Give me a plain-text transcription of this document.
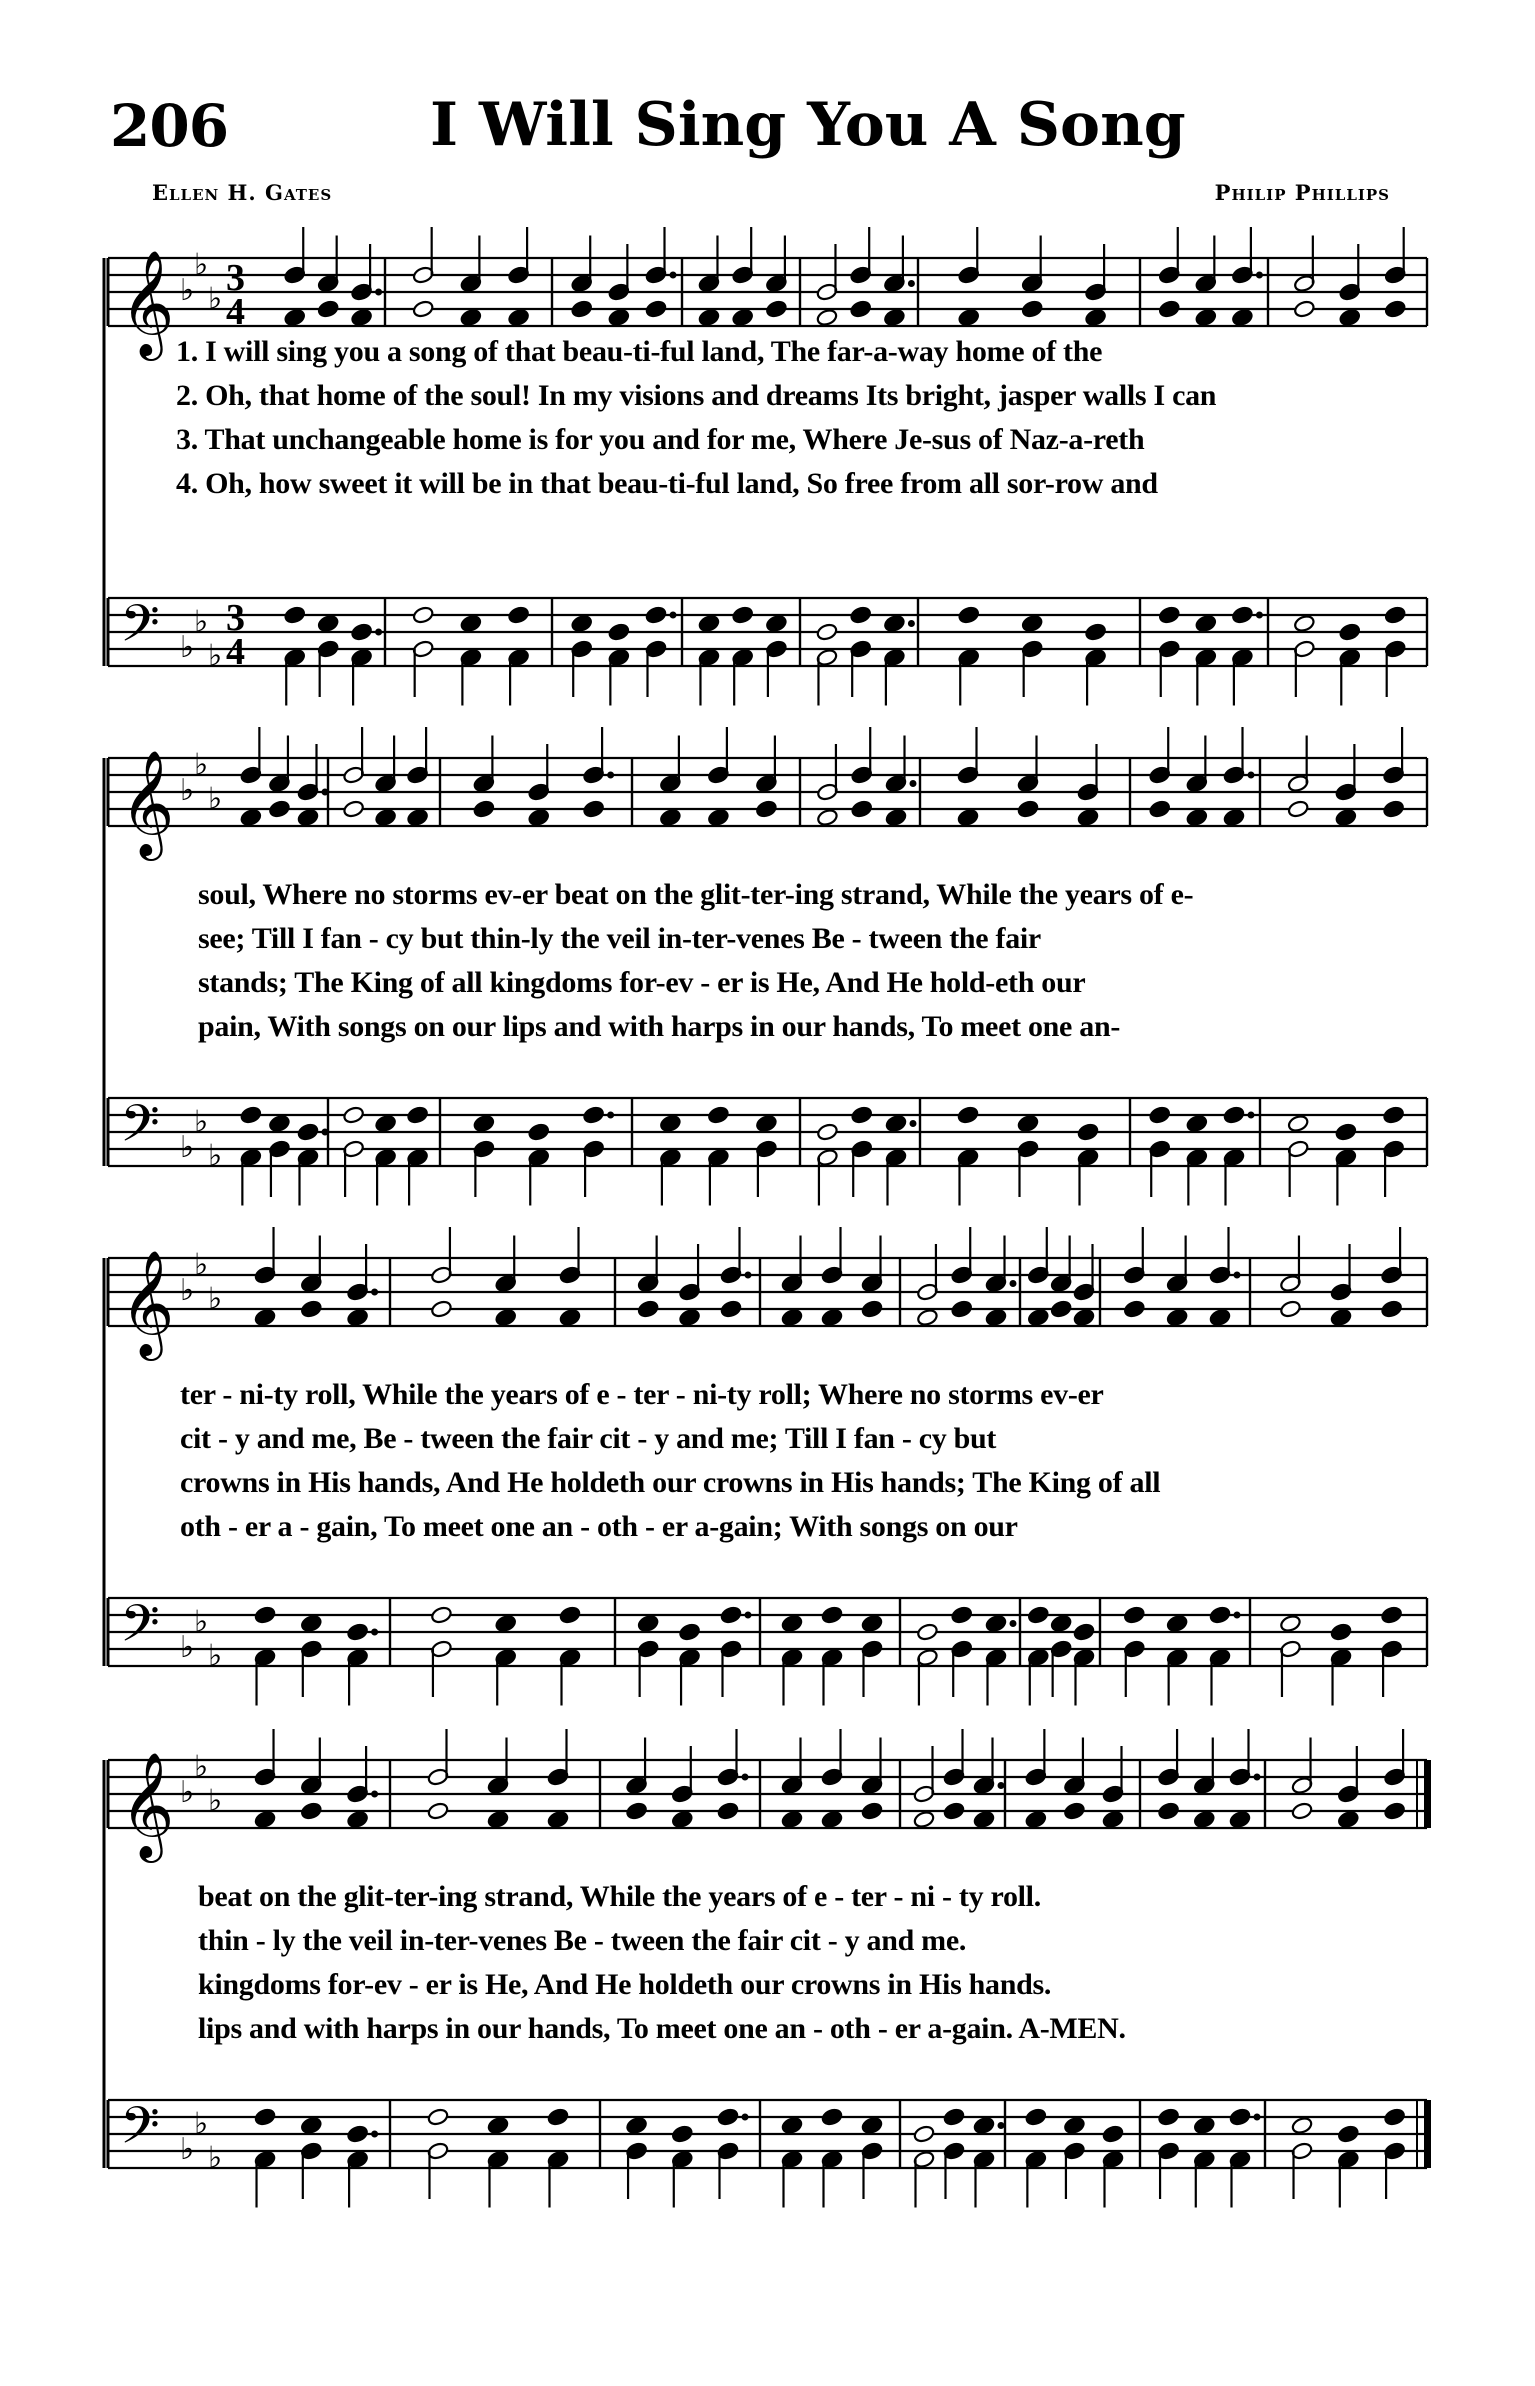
206	I Will Sing You A Song
Ellen H. Gates	Philip Phillips
𝄞 ♭
♭
♭ 3
4
𝄢 ♭
♭
♭
3
4
1. I will sing you a song of that beau-ti-ful land, The far-a-way home of the
2. Oh, that home of the soul! In my visions and dreams Its bright, jasper walls I can
3. That unchangeable home is for you and for me, Where Je-sus of Naz-a-reth
4. Oh, how sweet it will be in that beau-ti-ful land, So free from all sor-row and
𝄞 ♭
♭
♭
𝄢 ♭
♭
♭
soul, Where no storms ev-er beat on the glit-ter-ing strand, While the years of e-
see; Till I fan - cy but thin-ly the veil in-ter-venes Be - tween the fair
stands; The King of all kingdoms for-ev - er is He, And He hold-eth our
pain, With songs on our lips and with harps in our hands, To meet one an-
𝄞 ♭
♭
♭
𝄢 ♭
♭
♭
ter - ni-ty roll, While the years of e - ter - ni-ty roll; Where no storms ev-er
cit - y and me, Be - tween the fair cit - y and me; Till I fan - cy but
crowns in His hands, And He holdeth our crowns in His hands; The King of all
oth - er a - gain, To meet one an - oth - er a-gain; With songs on our
𝄞 ♭
♭
♭
𝄢 ♭
♭
♭
beat on the glit-ter-ing strand, While the years of e - ter - ni - ty roll.
thin - ly the veil in-ter-venes Be - tween the fair cit - y and me.
kingdoms for-ev - er is He, And He holdeth our crowns in His hands.
lips and with harps in our hands, To meet one an - oth - er a-gain. A-MEN.
